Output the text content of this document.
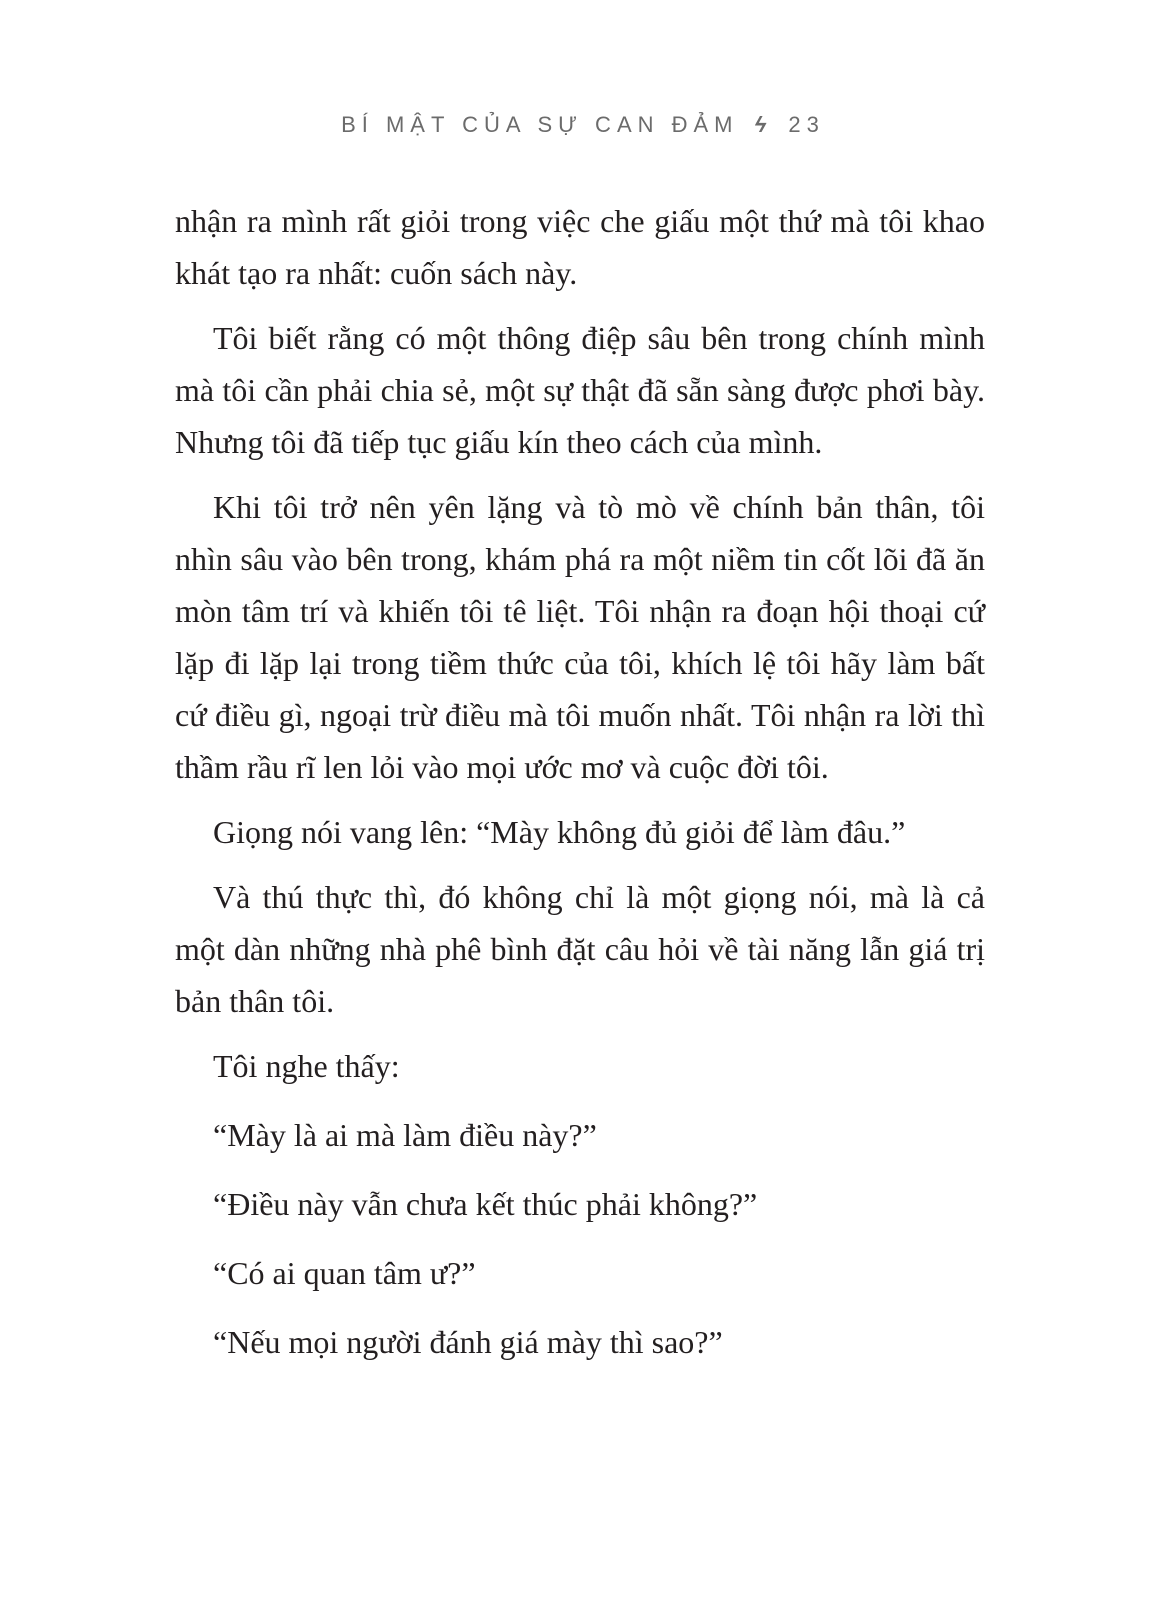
BÍ MẬT CỦA SỰ CAN ĐẢM ϟ 23

nhận ra mình rất giỏi trong việc che giấu một thứ mà tôi khao khát tạo ra nhất: cuốn sách này.

Tôi biết rằng có một thông điệp sâu bên trong chính mình mà tôi cần phải chia sẻ, một sự thật đã sẵn sàng được phơi bày. Nhưng tôi đã tiếp tục giấu kín theo cách của mình.

Khi tôi trở nên yên lặng và tò mò về chính bản thân, tôi nhìn sâu vào bên trong, khám phá ra một niềm tin cốt lõi đã ăn mòn tâm trí và khiến tôi tê liệt. Tôi nhận ra đoạn hội thoại cứ lặp đi lặp lại trong tiềm thức của tôi, khích lệ tôi hãy làm bất cứ điều gì, ngoại trừ điều mà tôi muốn nhất. Tôi nhận ra lời thì thầm rầu rĩ len lỏi vào mọi ước mơ và cuộc đời tôi.

Giọng nói vang lên: “Mày không đủ giỏi để làm đâu.”

Và thú thực thì, đó không chỉ là một giọng nói, mà là cả một dàn những nhà phê bình đặt câu hỏi về tài năng lẫn giá trị bản thân tôi.

Tôi nghe thấy:

“Mày là ai mà làm điều này?”

“Điều này vẫn chưa kết thúc phải không?”

“Có ai quan tâm ư?”

“Nếu mọi người đánh giá mày thì sao?”
